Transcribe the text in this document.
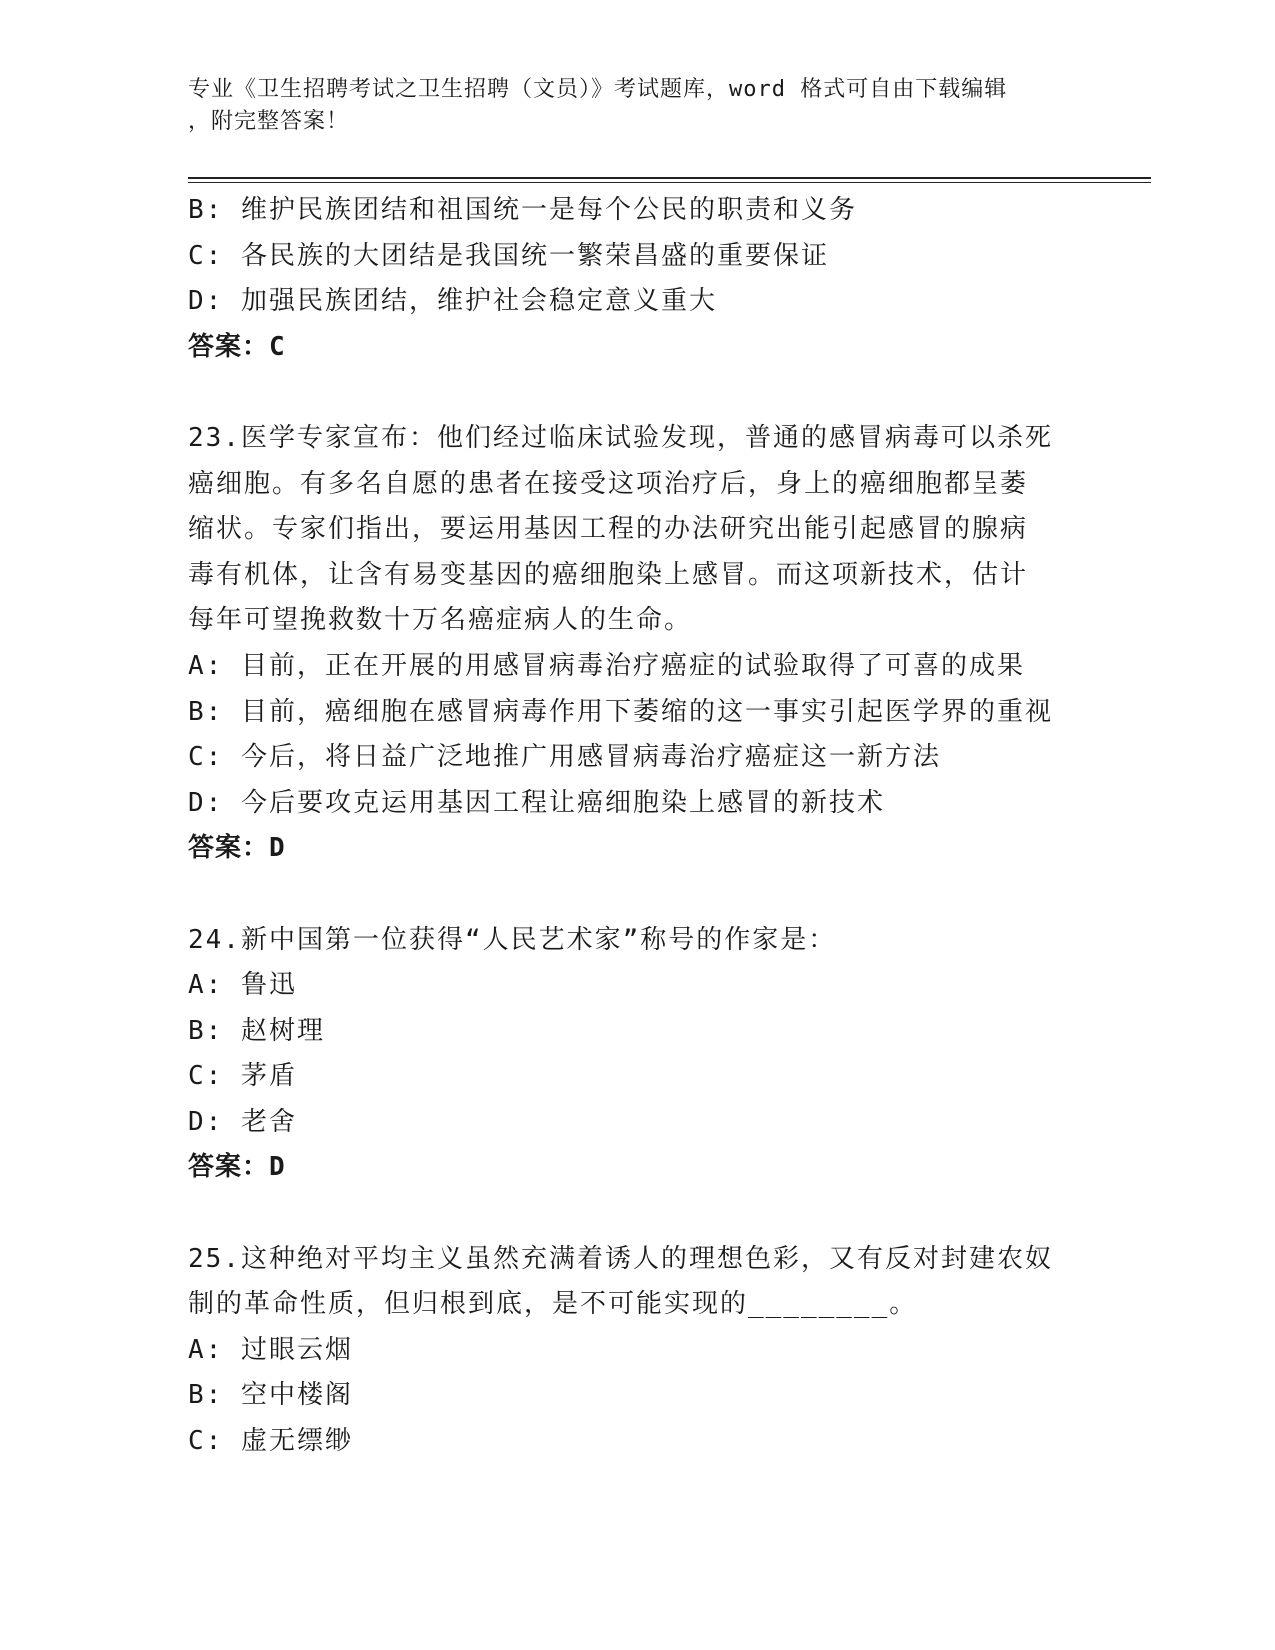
专业《卫生招聘考试之卫生招聘（文员）》考试题库，word 格式可自由下载编辑
，附完整答案！
B: 维护民族团结和祖国统一是每个公民的职责和义务
C: 各民族的大团结是我国统一繁荣昌盛的重要保证
D: 加强民族团结，维护社会稳定意义重大
答案：C
23.医学专家宣布：他们经过临床试验发现，普通的感冒病毒可以杀死
癌细胞。有多名自愿的患者在接受这项治疗后，身上的癌细胞都呈萎
缩状。专家们指出，要运用基因工程的办法研究出能引起感冒的腺病
毒有机体，让含有易变基因的癌细胞染上感冒。而这项新技术，估计
每年可望挽救数十万名癌症病人的生命。
A: 目前，正在开展的用感冒病毒治疗癌症的试验取得了可喜的成果
B: 目前，癌细胞在感冒病毒作用下萎缩的这一事实引起医学界的重视
C: 今后，将日益广泛地推广用感冒病毒治疗癌症这一新方法
D: 今后要攻克运用基因工程让癌细胞染上感冒的新技术
答案：D
24.新中国第一位获得“人民艺术家”称号的作家是：
A: 鲁迅
B: 赵树理
C: 茅盾
D: 老舍
答案：D
25.这种绝对平均主义虽然充满着诱人的理想色彩，又有反对封建农奴
制的革命性质，但归根到底，是不可能实现的________。
A: 过眼云烟
B: 空中楼阁
C: 虚无缥缈
